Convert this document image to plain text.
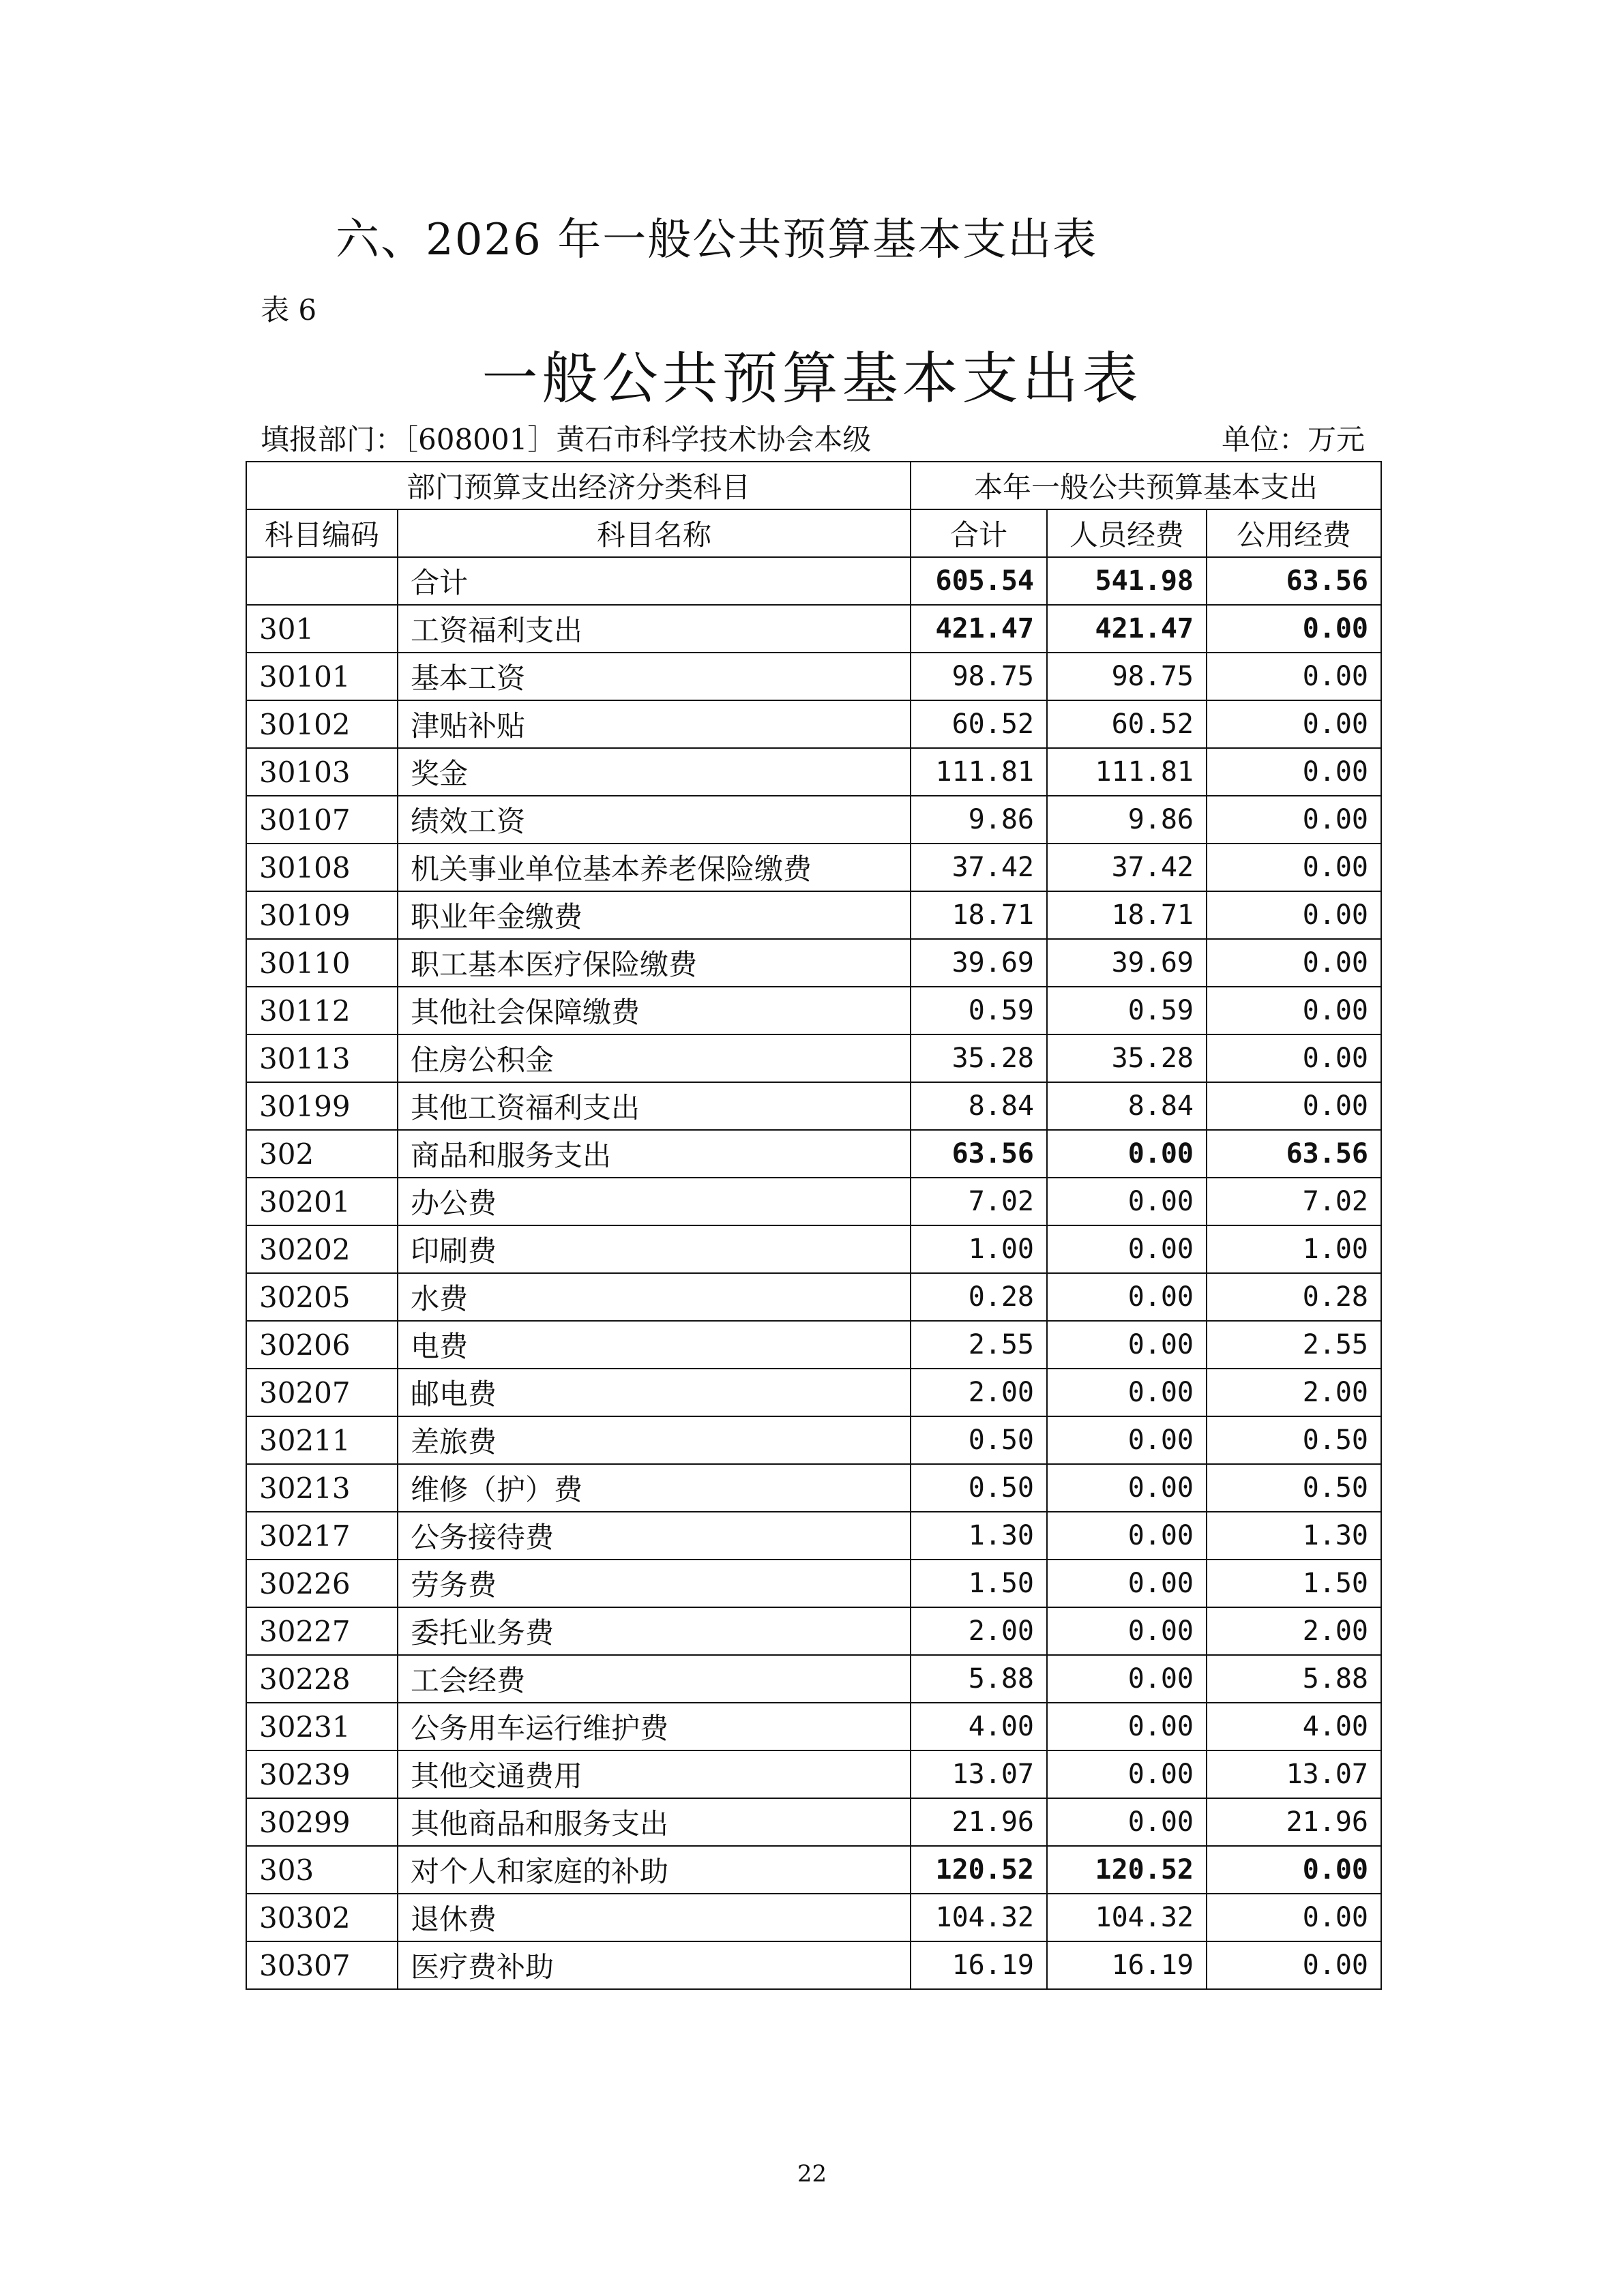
六、2026 年一般公共预算基本支出表
表 6
一般公共预算基本支出表
填报部门：［608001］黄石市科学技术协会本级	单位：万元
部门预算支出经济分类科目		本年一般公共预算基本支出		
科目编码	科目名称	合计	人员经费	公用经费
	合计	605.54	541.98	63.56
301	工资福利支出	421.47	421.47	0.00
30101	基本工资	98.75	98.75	0.00
30102	津贴补贴	60.52	60.52	0.00
30103	奖金	111.81	111.81	0.00
30107	绩效工资	9.86	9.86	0.00
30108	机关事业单位基本养老保险缴费	37.42	37.42	0.00
30109	职业年金缴费	18.71	18.71	0.00
30110	职工基本医疗保险缴费	39.69	39.69	0.00
30112	其他社会保障缴费	0.59	0.59	0.00
30113	住房公积金	35.28	35.28	0.00
30199	其他工资福利支出	8.84	8.84	0.00
302	商品和服务支出	63.56	0.00	63.56
30201	办公费	7.02	0.00	7.02
30202	印刷费	1.00	0.00	1.00
30205	水费	0.28	0.00	0.28
30206	电费	2.55	0.00	2.55
30207	邮电费	2.00	0.00	2.00
30211	差旅费	0.50	0.00	0.50
30213	维修（护）费	0.50	0.00	0.50
30217	公务接待费	1.30	0.00	1.30
30226	劳务费	1.50	0.00	1.50
30227	委托业务费	2.00	0.00	2.00
30228	工会经费	5.88	0.00	5.88
30231	公务用车运行维护费	4.00	0.00	4.00
30239	其他交通费用	13.07	0.00	13.07
30299	其他商品和服务支出	21.96	0.00	21.96
303	对个人和家庭的补助	120.52	120.52	0.00
30302	退休费	104.32	104.32	0.00
30307	医疗费补助	16.19	16.19	0.00
22
